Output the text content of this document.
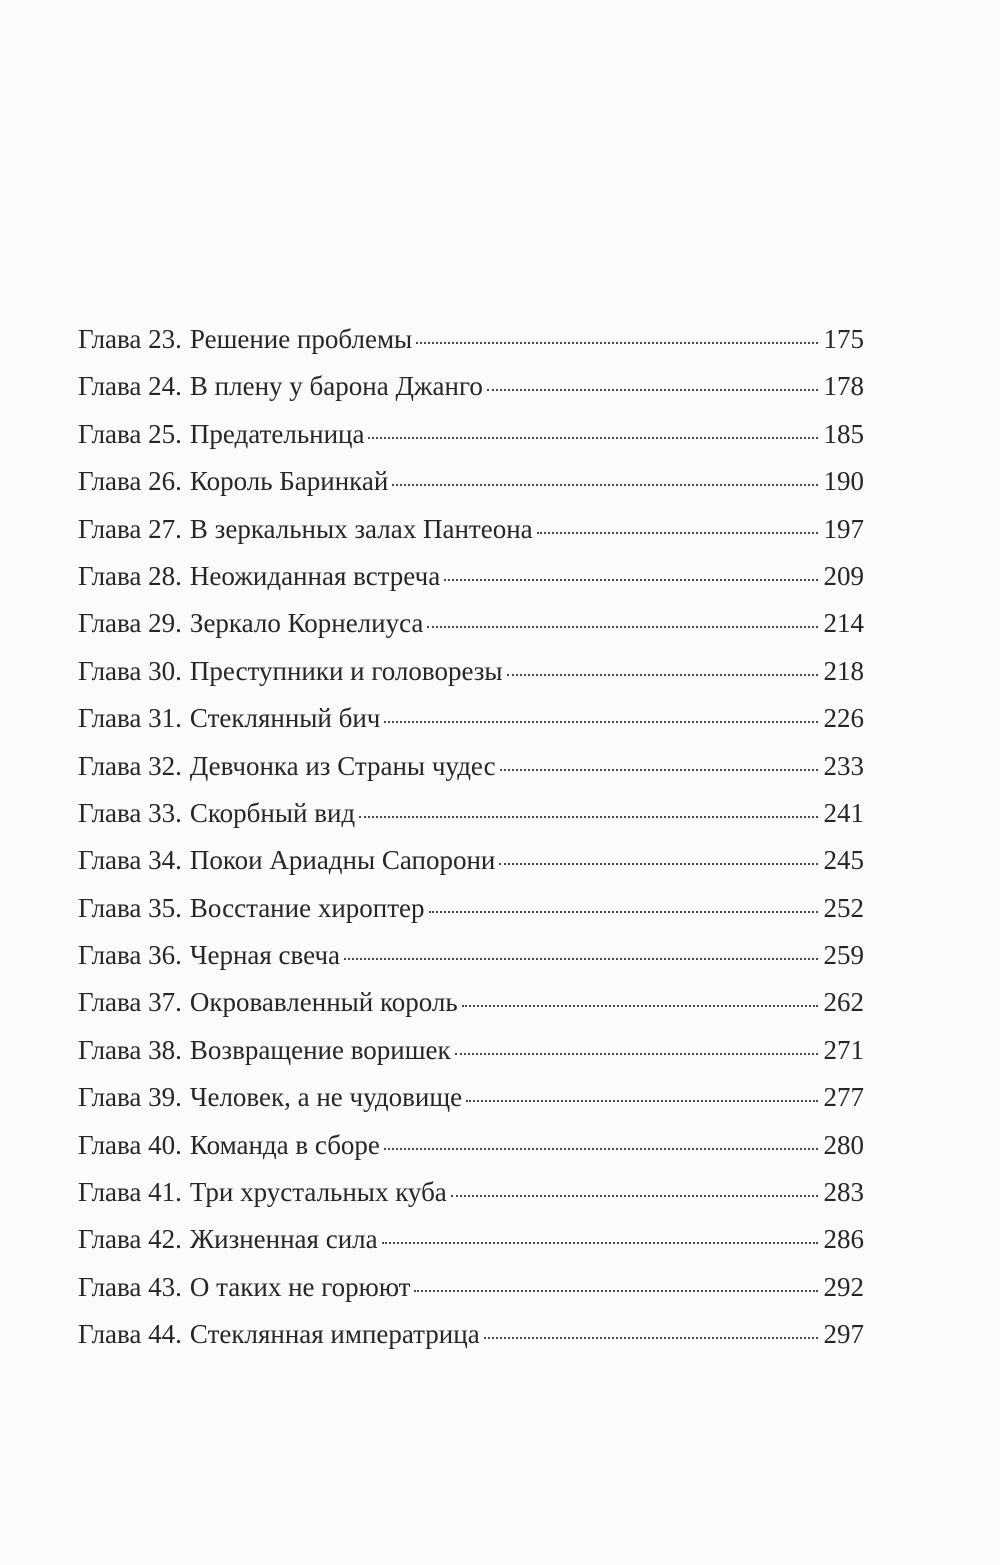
Глава 23. Решение проблемы	175
Глава 24. В плену у барона Джанго	178
Глава 25. Предательница	185
Глава 26. Король Баринкай	190
Глава 27. В зеркальных залах Пантеона	197
Глава 28. Неожиданная встреча	209
Глава 29. Зеркало Корнелиуса	214
Глава 30. Преступники и головорезы	218
Глава 31. Стеклянный бич	226
Глава 32. Девчонка из Страны чудес	233
Глава 33. Скорбный вид	241
Глава 34. Покои Ариадны Сапорони	245
Глава 35. Восстание хироптер	252
Глава 36. Черная свеча	259
Глава 37. Окровавленный король	262
Глава 38. Возвращение воришек	271
Глава 39. Человек, а не чудовище	277
Глава 40. Команда в сборе	280
Глава 41. Три хрустальных куба	283
Глава 42. Жизненная сила	286
Глава 43. О таких не горюют	292
Глава 44. Стеклянная императрица	297
